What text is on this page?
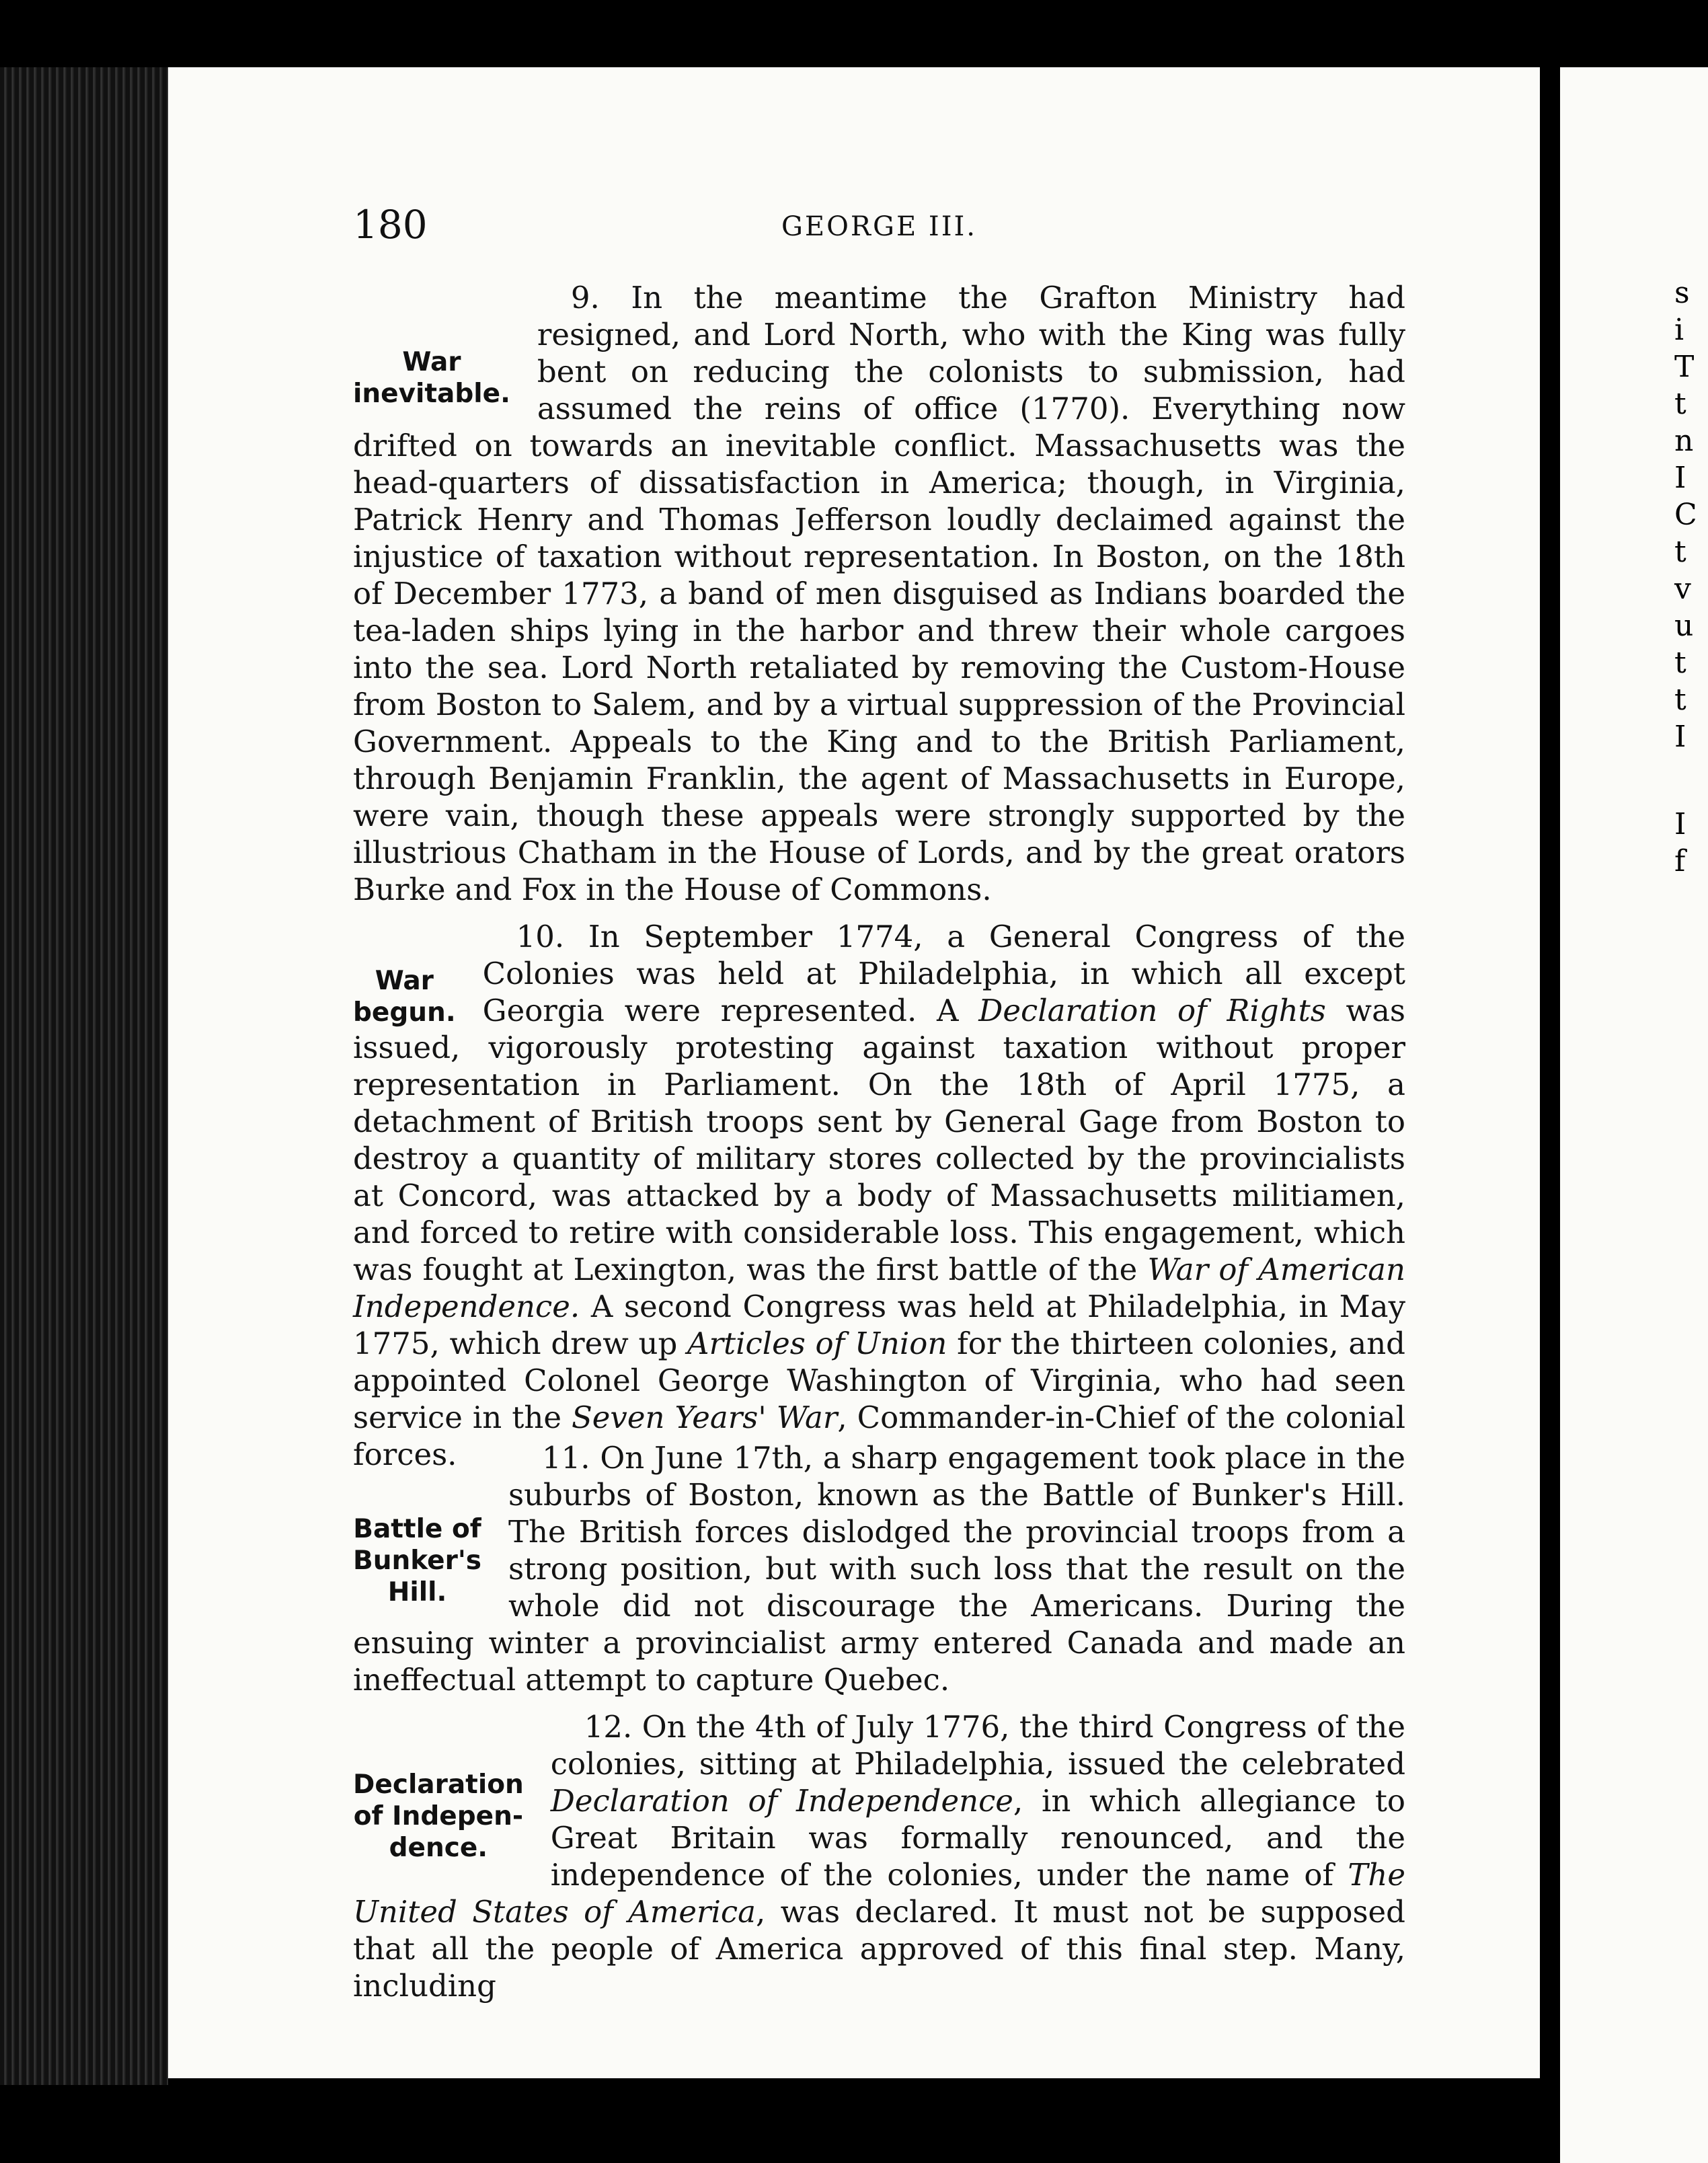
s
i
T
t
n
I
C
t
v
u
t
t
I
I
f
180	GEORGE III.
War
inevitable.
9. In the meantime the Grafton Ministry had resigned, and Lord North, who with the King was fully bent on reducing the colonists to submission, had assumed the reins of office (1770). Everything now drifted on towards an inevitable conflict. Massachusetts was the head-quarters of dissatisfaction in America; though, in Virginia, Patrick Henry and Thomas Jefferson loudly declaimed against the injustice of taxation without representation. In Boston, on the 18th of December 1773, a band of men disguised as Indians boarded the tea-laden ships lying in the harbor and threw their whole cargoes into the sea. Lord North retaliated by removing the Custom-House from Boston to Salem, and by a virtual suppression of the Provincial Government. Appeals to the King and to the British Parliament, through Benjamin Franklin, the agent of Massachusetts in Europe, were vain, though these appeals were strongly supported by the illustrious Chatham in the House of Lords, and by the great orators Burke and Fox in the House of Commons.
War
begun.
10. In September 1774, a General Congress of the Colonies was held at Philadelphia, in which all except Georgia were represented. A Declaration of Rights was issued, vigorously protesting against taxation without proper representation in Parliament. On the 18th of April 1775, a detachment of British troops sent by General Gage from Boston to destroy a quantity of military stores collected by the provincialists at Concord, was attacked by a body of Massachusetts militiamen, and forced to retire with considerable loss. This engagement, which was fought at Lexington, was the first battle of the War of American Independence. A second Congress was held at Philadelphia, in May 1775, which drew up Articles of Union for the thirteen colonies, and appointed Colonel George Washington of Virginia, who had seen service in the Seven Years' War, Commander-in-Chief of the colonial forces.
Battle of
Bunker's
Hill.
11. On June 17th, a sharp engagement took place in the suburbs of Boston, known as the Battle of Bunker's Hill. The British forces dislodged the provincial troops from a strong position, but with such loss that the result on the whole did not discourage the Americans. During the ensuing winter a provincialist army entered Canada and made an ineffectual attempt to capture Quebec.
Declaration
of Indepen-
dence.
12. On the 4th of July 1776, the third Congress of the colonies, sitting at Philadelphia, issued the celebrated Declaration of Independence, in which allegiance to Great Britain was formally renounced, and the independence of the colonies, under the name of The United States of America, was declared. It must not be supposed that all the people of America approved of this final step. Many, including
